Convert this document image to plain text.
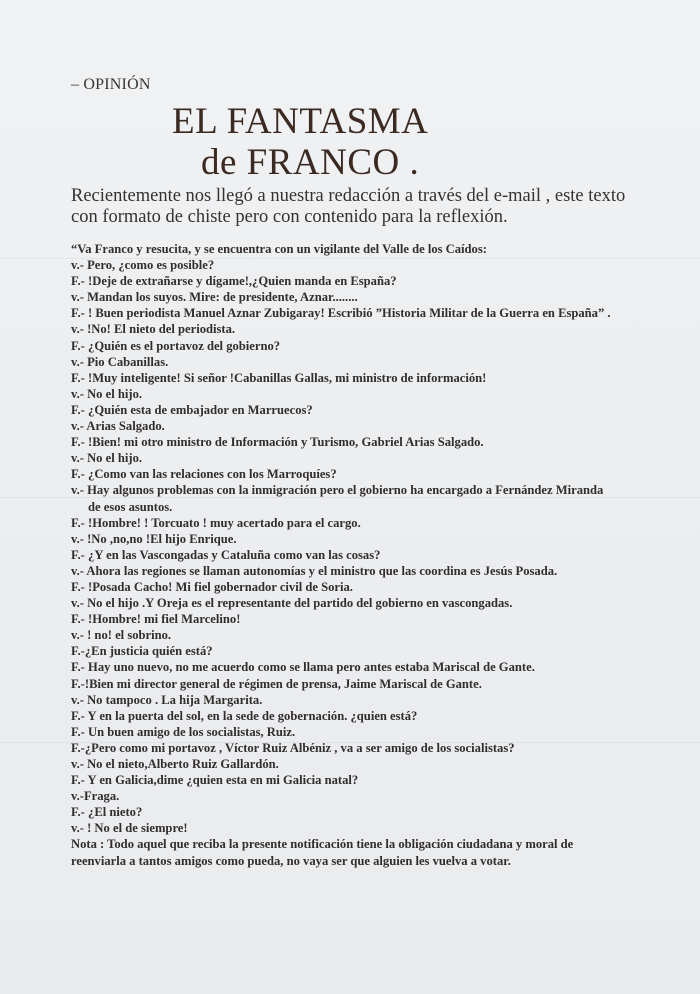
– OPINIÓN
EL FANTASMA
de FRANCO .
Recientemente nos llegó a nuestra redacción a través del e-mail , este texto
con formato de chiste pero con contenido para la reflexión.
“Va Franco y resucita, y se encuentra con un vigilante del Valle de los Caídos:
v.- Pero, ¿como es posible?
F.- !Deje de extrañarse y dígame!,¿Quien manda en España?
v.- Mandan los suyos. Mire: de presidente, Aznar........
F.- ! Buen periodista Manuel Aznar Zubigaray! Escribió ”Historia Militar de la Guerra en España” .
v.- !No! El nieto del periodista.
F.- ¿Quién es el portavoz del gobierno?
v.- Pio Cabanillas.
F.- !Muy inteligente! Si señor !Cabanillas Gallas, mi ministro de información!
v.- No el hijo.
F.- ¿Quién esta de embajador en Marruecos?
v.- Arias Salgado.
F.- !Bien! mi otro ministro de Información y Turismo, Gabriel Arias Salgado.
v.- No el hijo.
F.- ¿Como van las relaciones con los Marroquíes?
v.- Hay algunos problemas con la inmigración pero el gobierno ha encargado a Fernández Miranda
de esos asuntos.
F.- !Hombre! ! Torcuato ! muy acertado para el cargo.
v.- !No ,no,no !El hijo Enrique.
F.- ¿Y en las Vascongadas y Cataluña como van las cosas?
v.- Ahora las regiones se llaman autonomías y el ministro que las coordina es Jesús Posada.
F.- !Posada Cacho! Mi fiel gobernador civil de Soria.
v.- No el hijo .Y Oreja es el representante del partido del gobierno en vascongadas.
F.- !Hombre! mi fiel Marcelino!
v.- ! no! el sobrino.
F.-¿En justicia quién está?
F.- Hay uno nuevo, no me acuerdo como se llama pero antes estaba Mariscal de Gante.
F.-!Bien mi director general de régimen de prensa, Jaime Mariscal de Gante.
v.- No tampoco . La hija Margarita.
F.- Y en la puerta del sol, en la sede de gobernación. ¿quien está?
F.- Un buen amigo de los socialistas, Ruiz.
F.-¿Pero como mi portavoz , Víctor Ruiz Albéniz , va a ser amigo de los socialistas?
v.- No el nieto,Alberto Ruiz Gallardón.
F.- Y en Galicia,dime ¿quien esta en mi Galicia natal?
v.-Fraga.
F.- ¿El nieto?
v.- ! No el de siempre!
Nota : Todo aquel que reciba la presente notificación tiene la obligación ciudadana y moral de
reenviarla a tantos amigos como pueda, no vaya ser que alguien les vuelva a votar.
